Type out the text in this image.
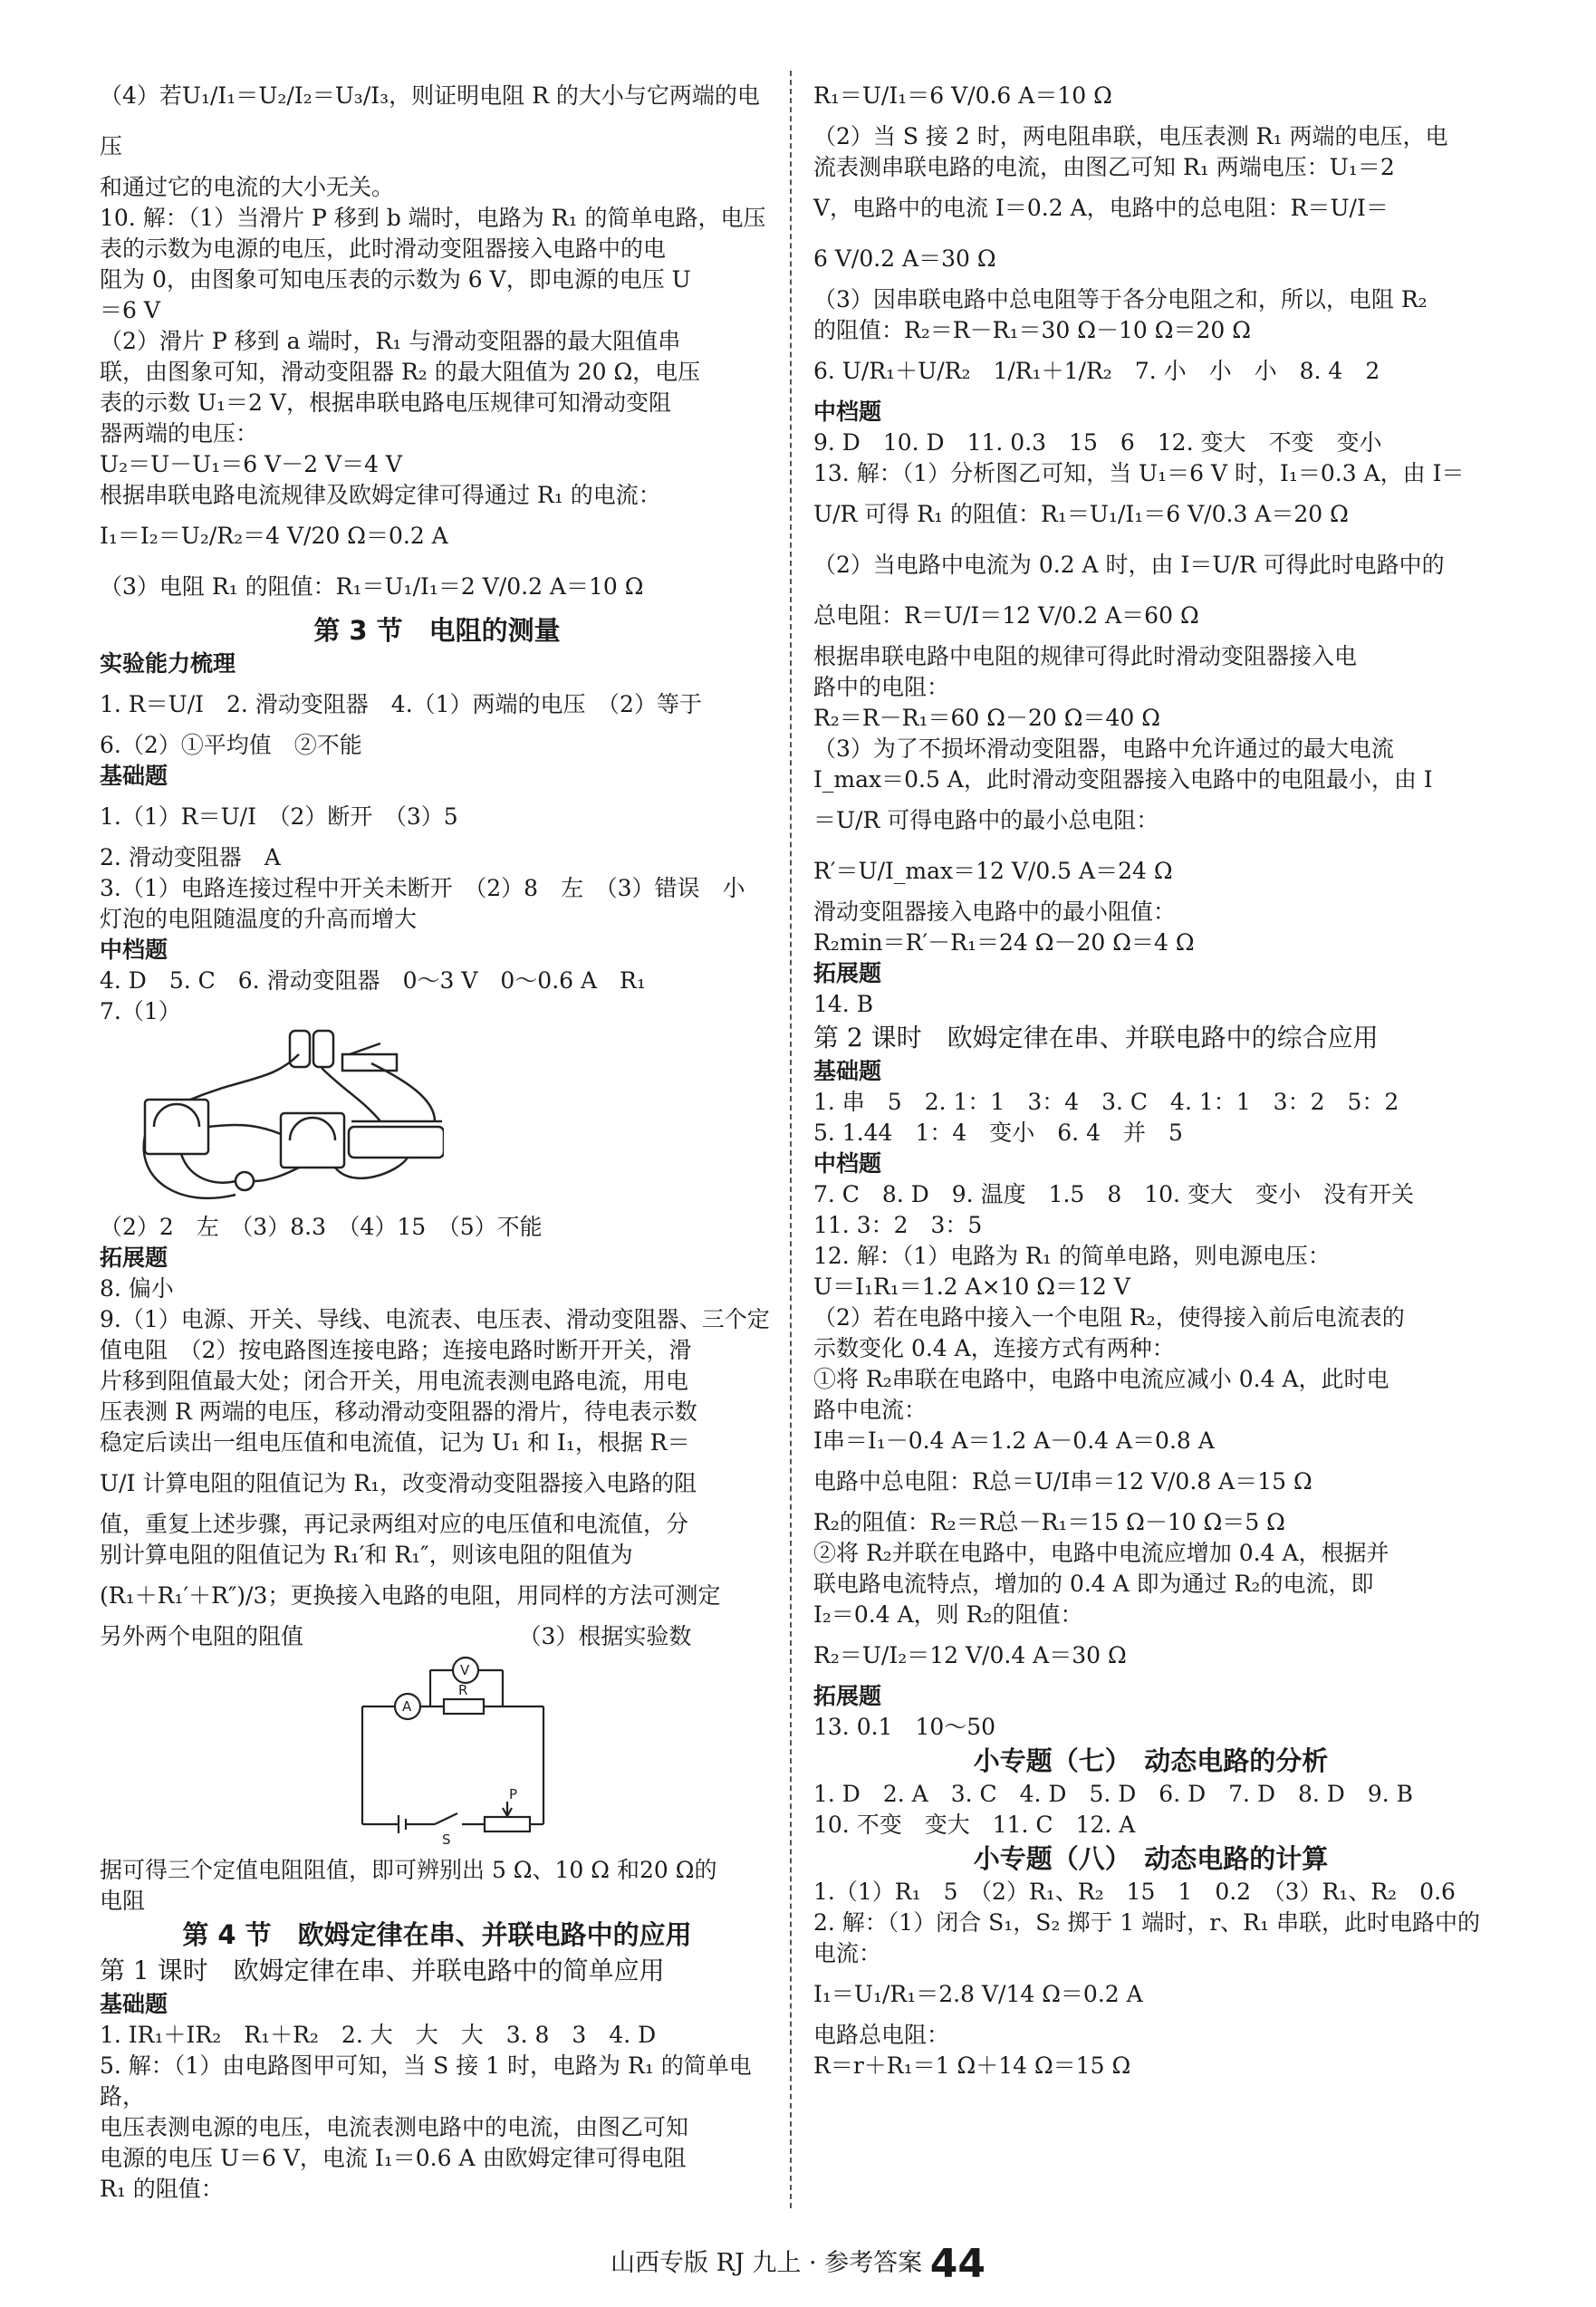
（4）若U₁/I₁＝U₂/I₂＝U₃/I₃，则证明电阻 R 的大小与它两端的电压
和通过它的电流的大小无关。
10. 解：（1）当滑片 P 移到 b 端时，电路为 R₁ 的简单电路，电压
表的示数为电源的电压，此时滑动变阻器接入电路中的电
阻为 0，由图象可知电压表的示数为 6 V，即电源的电压 U
＝6 V
（2）滑片 P 移到 a 端时，R₁ 与滑动变阻器的最大阻值串
联，由图象可知，滑动变阻器 R₂ 的最大阻值为 20 Ω，电压
表的示数 U₁＝2 V，根据串联电路电压规律可知滑动变阻
器两端的电压：
U₂＝U－U₁＝6 V－2 V＝4 V
根据串联电路电流规律及欧姆定律可得通过 R₁ 的电流：
I₁＝I₂＝U₂/R₂＝4 V/20 Ω＝0.2 A
（3）电阻 R₁ 的阻值：R₁＝U₁/I₁＝2 V/0.2 A＝10 Ω
第 3 节　电阻的测量
实验能力梳理
1. R＝U/I　2. 滑动变阻器　4.（1）两端的电压　（2）等于
6.（2）①平均值　②不能
基础题
1.（1）R＝U/I　（2）断开　（3）5
2. 滑动变阻器　A
3.（1）电路连接过程中开关未断开　（2）8　左　（3）错误　小
灯泡的电阻随温度的升高而增大
中档题
4. D　5. C　6. 滑动变阻器　0～3 V　0～0.6 A　R₁
7.（1）
（2）2　左　（3）8.3　（4）15　（5）不能
拓展题
8. 偏小
9.（1）电源、开关、导线、电流表、电压表、滑动变阻器、三个定
值电阻　（2）按电路图连接电路；连接电路时断开开关，滑
片移到阻值最大处；闭合开关，用电流表测电路电流，用电
压表测 R 两端的电压，移动滑动变阻器的滑片，待电表示数
稳定后读出一组电压值和电流值，记为 U₁ 和 I₁，根据 R＝
U/I 计算电阻的阻值记为 R₁，改变滑动变阻器接入电路的阻
值，重复上述步骤，再记录两组对应的电压值和电流值，分
别计算电阻的阻值记为 R₁′和 R₁″，则该电阻的阻值为
(R₁＋R₁′＋R″)/3；更换接入电路的电阻，用同样的方法可测定
另外两个电阻的阻值　　　　　　　　　　（3）根据实验数
A
V
R
P
S
据可得三个定值电阻阻值，即可辨别出 5 Ω、10 Ω 和20 Ω的
电阻
第 4 节　欧姆定律在串、并联电路中的应用
第 1 课时　欧姆定律在串、并联电路中的简单应用
基础题
1. IR₁＋IR₂　R₁＋R₂　2. 大　大　大　3. 8　3　4. D
5. 解：（1）由电路图甲可知，当 S 接 1 时，电路为 R₁ 的简单电路，
电压表测电源的电压，电流表测电路中的电流，由图乙可知
电源的电压 U＝6 V，电流 I₁＝0.6 A 由欧姆定律可得电阻
R₁ 的阻值：
R₁＝U/I₁＝6 V/0.6 A＝10 Ω
（2）当 S 接 2 时，两电阻串联，电压表测 R₁ 两端的电压，电
流表测串联电路的电流，由图乙可知 R₁ 两端电压：U₁＝2
V，电路中的电流 I＝0.2 A，电路中的总电阻：R＝U/I＝
6 V/0.2 A＝30 Ω
（3）因串联电路中总电阻等于各分电阻之和，所以，电阻 R₂
的阻值：R₂＝R－R₁＝30 Ω－10 Ω＝20 Ω
6. U/R₁＋U/R₂　1/R₁＋1/R₂　7. 小　小　小　8. 4　2
中档题
9. D　10. D　11. 0.3　15　6　12. 变大　不变　变小
13. 解：（1）分析图乙可知，当 U₁＝6 V 时，I₁＝0.3 A，由 I＝
U/R 可得 R₁ 的阻值：R₁＝U₁/I₁＝6 V/0.3 A＝20 Ω
（2）当电路中电流为 0.2 A 时，由 I＝U/R 可得此时电路中的
总电阻：R＝U/I＝12 V/0.2 A＝60 Ω
根据串联电路中电阻的规律可得此时滑动变阻器接入电
路中的电阻：
R₂＝R－R₁＝60 Ω－20 Ω＝40 Ω
（3）为了不损坏滑动变阻器，电路中允许通过的最大电流
I_max＝0.5 A，此时滑动变阻器接入电路中的电阻最小，由 I
＝U/R 可得电路中的最小总电阻：
R′＝U/I_max＝12 V/0.5 A＝24 Ω
滑动变阻器接入电路中的最小阻值：
R₂min＝R′－R₁＝24 Ω－20 Ω＝4 Ω
拓展题
14. B
第 2 课时　欧姆定律在串、并联电路中的综合应用
基础题
1. 串　5　2. 1：1　3：4　3. C　4. 1：1　3：2　5：2
5. 1.44　1：4　变小　6. 4　并　5
中档题
7. C　8. D　9. 温度　1.5　8　10. 变大　变小　没有开关
11. 3：2　3：5
12. 解：（1）电路为 R₁ 的简单电路，则电源电压：
U＝I₁R₁＝1.2 A×10 Ω＝12 V
（2）若在电路中接入一个电阻 R₂，使得接入前后电流表的
示数变化 0.4 A，连接方式有两种：
①将 R₂串联在电路中，电路中电流应减小 0.4 A，此时电
路中电流：
I串＝I₁－0.4 A＝1.2 A－0.4 A＝0.8 A
电路中总电阻：R总＝U/I串＝12 V/0.8 A＝15 Ω
R₂的阻值：R₂＝R总－R₁＝15 Ω－10 Ω＝5 Ω
②将 R₂并联在电路中，电路中电流应增加 0.4 A，根据并
联电路电流特点，增加的 0.4 A 即为通过 R₂的电流，即
I₂＝0.4 A，则 R₂的阻值：
R₂＝U/I₂＝12 V/0.4 A＝30 Ω
拓展题
13. 0.1　10～50
小专题（七）　动态电路的分析
1. D　2. A　3. C　4. D　5. D　6. D　7. D　8. D　9. B
10. 不变　变大　11. C　12. A
小专题（八）　动态电路的计算
1.（1）R₁　5　（2）R₁、R₂　15　1　0.2　（3）R₁、R₂　0.6
2. 解：（1）闭合 S₁，S₂ 掷于 1 端时，r、R₁ 串联，此时电路中的
电流：
I₁＝U₁/R₁＝2.8 V/14 Ω＝0.2 A
电路总电阻：
R＝r＋R₁＝1 Ω＋14 Ω＝15 Ω
山西专版 RJ 九上 · 参考答案 44
